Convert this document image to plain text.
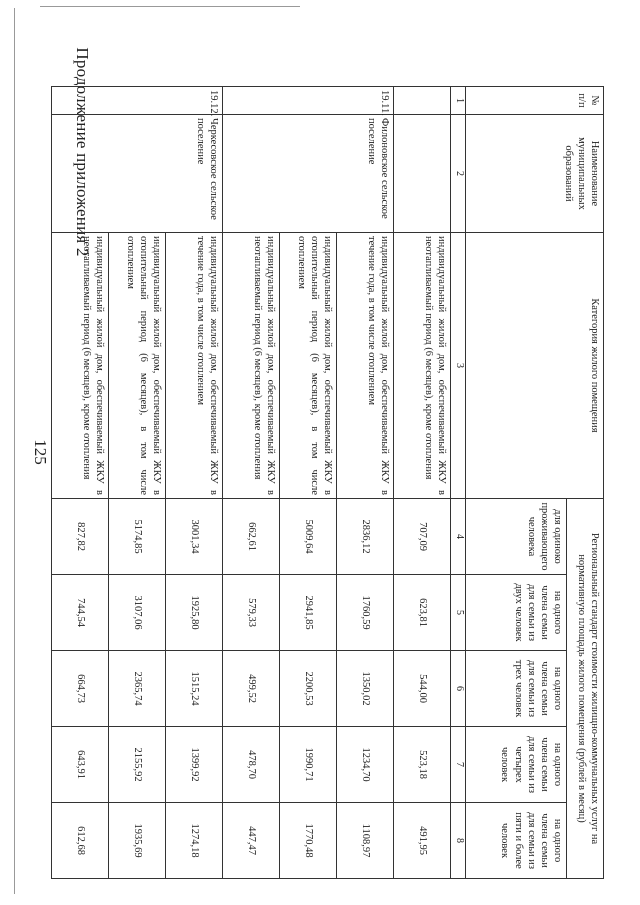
125
Продолжение приложения 2	№ п/п	Наименование муниципальных образований	Категория жилого помещения	Региональный стандарт стоимости жилищно-коммунальных услуг на нормативную площадь жилого помещения (рублей в месяц)				
			для одиноко проживающего человека	на одного члена семьи для семьи из двух человек	на одного члена семьи для семьи из трех человек	на одного члена семьи для семьи из четырех человек	на одного члена семьи для семьи из пяти и более человек
1	2	3	4	5	6	7	8
		индивидуальный жилой дом, обеспечиваемый ЖКУ в неотапливаемый период (6 месяцев), кроме отопления	707,09	623,81	544,00	523,18	491,95
19.11.	Филоновское сельское поселение	индивидуальный жилой дом, обеспечиваемый ЖКУ в течение года, в том числе отоплением	2836,12	1760,59	1350,02	1234,70	1108,97
		индивидуальный жилой дом, обеспечиваемый ЖКУ в отопительный период (6 месяцев), в том числе отоплением	5009,64	2941,85	2200,53	1990,71	1770,48
		индивидуальный жилой дом, обеспечиваемый ЖКУ в неотапливаемый период (6 месяцев), кроме отопления	662,61	579,33	499,52	478,70	447,47
19.12.	Черкесовское сельское поселение	индивидуальный жилой дом, обеспечиваемый ЖКУ в течение года, в том числе отоплением	3001,34	1925,80	1515,24	1399,92	1274,18
		индивидуальный жилой дом, обеспечиваемый ЖКУ в отопительный период (6 месяцев), в том числе отоплением	5174,85	3107,06	2365,74	2155,92	1935,69
		индивидуальный жилой дом, обеспечиваемый ЖКУ в неотапливаемый период (6 месяцев), кроме отопления	827,82	744,54	664,73	643,91	612,68
